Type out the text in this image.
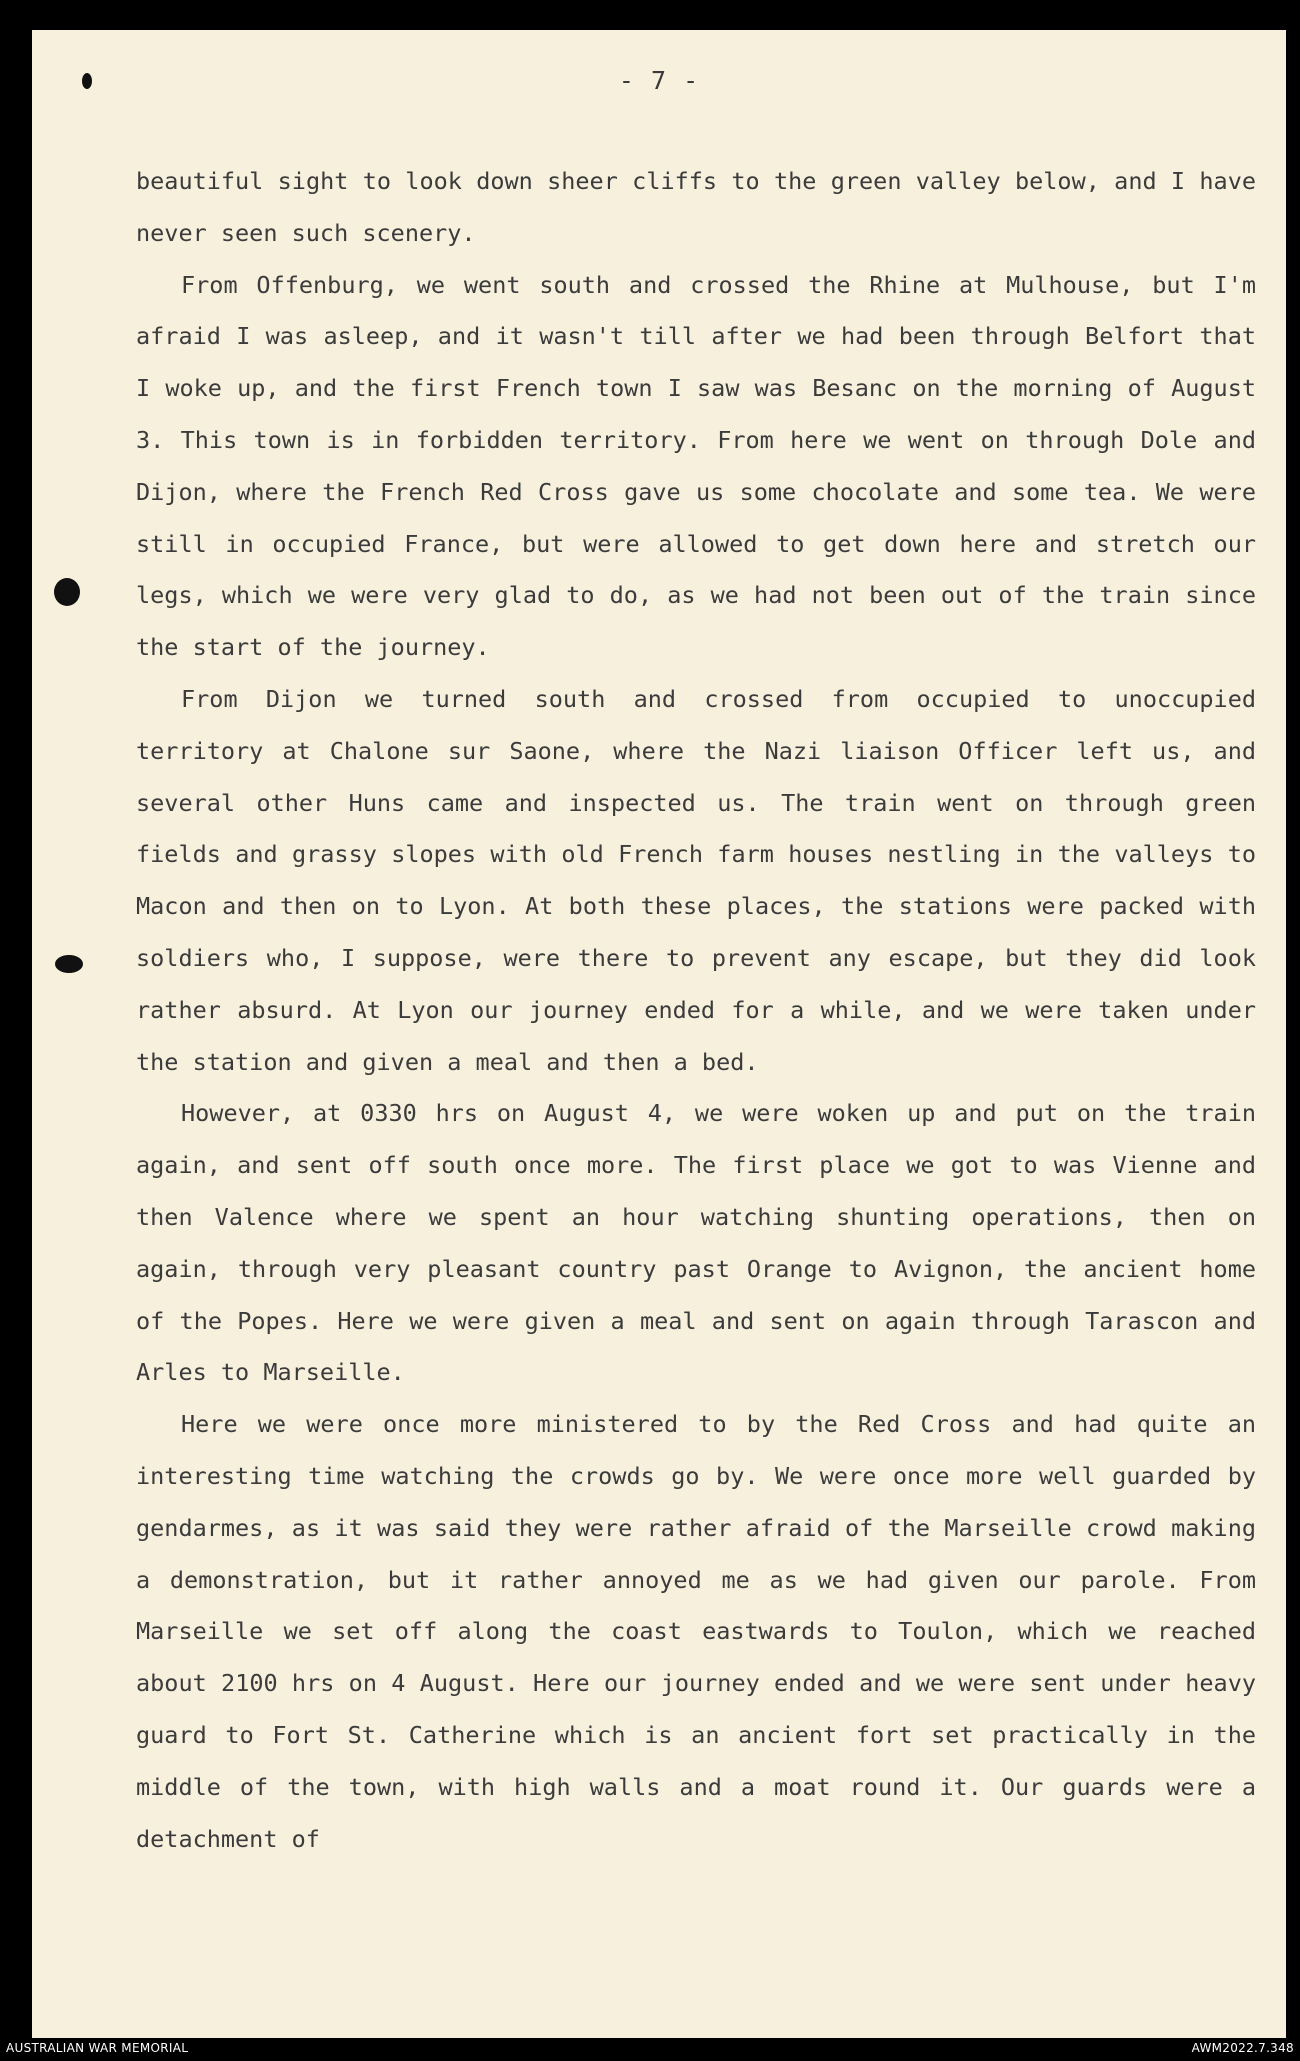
- 7 -

beautiful sight to look down sheer cliffs to the green valley below, and I have never seen such scenery.

From Offenburg, we went south and crossed the Rhine at Mulhouse, but I'm afraid I was asleep, and it wasn't till after we had been through Belfort that I woke up, and the first French town I saw was Besanc on the morning of August 3. This town is in forbidden territory. From here we went on through Dole and Dijon, where the French Red Cross gave us some chocolate and some tea. We were still in occupied France, but were allowed to get down here and stretch our legs, which we were very glad to do, as we had not been out of the train since the start of the journey.

From Dijon we turned south and crossed from occupied to unoccupied territory at Chalone sur Saone, where the Nazi liaison Officer left us, and several other Huns came and inspected us. The train went on through green fields and grassy slopes with old French farm houses nestling in the valleys to Macon and then on to Lyon. At both these places, the stations were packed with soldiers who, I suppose, were there to prevent any escape, but they did look rather absurd. At Lyon our journey ended for a while, and we were taken under the station and given a meal and then a bed.

However, at 0330 hrs on August 4, we were woken up and put on the train again, and sent off south once more. The first place we got to was Vienne and then Valence where we spent an hour watching shunting operations, then on again, through very pleasant country past Orange to Avignon, the ancient home of the Popes. Here we were given a meal and sent on again through Tarascon and Arles to Marseille.

Here we were once more ministered to by the Red Cross and had quite an interesting time watching the crowds go by. We were once more well guarded by gendarmes, as it was said they were rather afraid of the Marseille crowd making a demonstration, but it rather annoyed me as we had given our parole. From Marseille we set off along the coast eastwards to Toulon, which we reached about 2100 hrs on 4 August. Here our journey ended and we were sent under heavy guard to Fort St. Catherine which is an ancient fort set practically in the middle of the town, with high walls and a moat round it. Our guards were a detachment of

AUSTRALIAN WAR MEMORIAL	AWM2022.7.348
